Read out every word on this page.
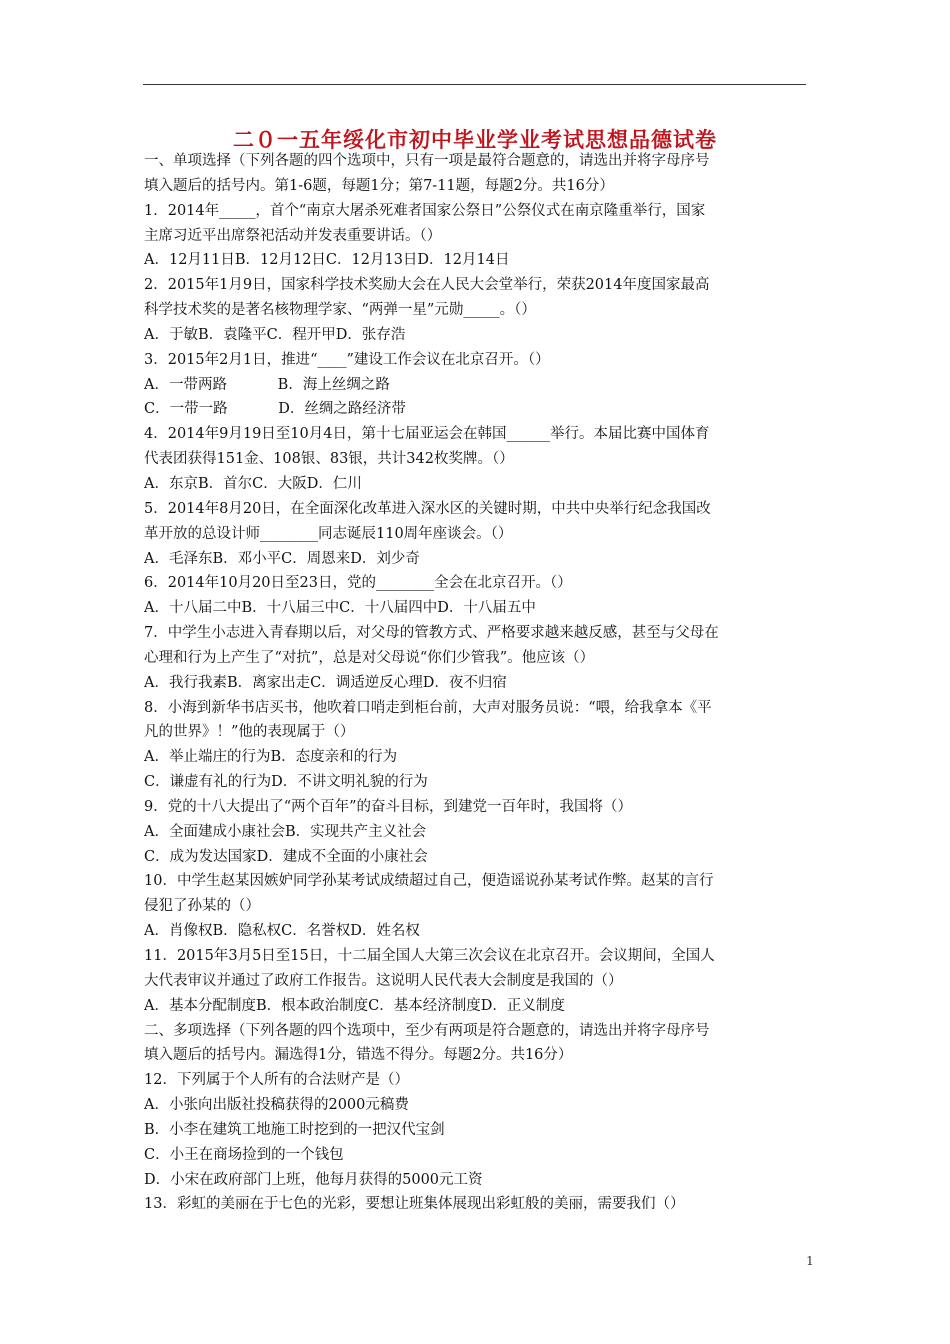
二０一五年绥化市初中毕业学业考试思想品德试卷
一、单项选择（下列各题的四个选项中，只有一项是最符合题意的，请选出并将字母序号
填入题后的括号内。第1-6题，每题1分；第7-11题，每题2分。共16分）
1．2014年_____，首个“南京大屠杀死难者国家公祭日”公祭仪式在南京隆重举行，国家
主席习近平出席祭祀活动并发表重要讲话。（）
A．12月11日B．12月12日C．12月13日D．12月14日
2．2015年1月9日，国家科学技术奖励大会在人民大会堂举行，荣获2014年度国家最高
科学技术奖的是著名核物理学家、“两弹一星”元勋_____。（）
A．于敏B．袁隆平C．程开甲D．张存浩
3．2015年2月1日，推进“____”建设工作会议在北京召开。（）
A．一带两路           B．海上丝绸之路
C．一带一路           D．丝绸之路经济带
4．2014年9月19日至10月4日，第十七届亚运会在韩国______举行。本届比赛中国体育
代表团获得151金、108银、83银，共计342枚奖牌。（）
A．东京B．首尔C．大阪D．仁川
5．2014年8月20日，在全面深化改革进入深水区的关键时期，中共中央举行纪念我国改
革开放的总设计师________同志诞辰110周年座谈会。（）
A．毛泽东B．邓小平C．周恩来D．刘少奇
6．2014年10月20日至23日，党的________全会在北京召开。（）
A．十八届二中B．十八届三中C．十八届四中D．十八届五中
7．中学生小志进入青春期以后，对父母的管教方式、严格要求越来越反感，甚至与父母在
心理和行为上产生了“对抗”，总是对父母说“你们少管我”。他应该（）
A．我行我素B．离家出走C．调适逆反心理D．夜不归宿
8．小海到新华书店买书，他吹着口哨走到柜台前，大声对服务员说：“喂，给我拿本《平
凡的世界》！”他的表现属于（）
A．举止端庄的行为B．态度亲和的行为
C．谦虚有礼的行为D．不讲文明礼貌的行为
9．党的十八大提出了“两个百年”的奋斗目标，到建党一百年时，我国将（）
A．全面建成小康社会B．实现共产主义社会
C．成为发达国家D．建成不全面的小康社会
10．中学生赵某因嫉妒同学孙某考试成绩超过自己，便造谣说孙某考试作弊。赵某的言行
侵犯了孙某的（）
A．肖像权B．隐私权C．名誉权D．姓名权
11．2015年3月5日至15日，十二届全国人大第三次会议在北京召开。会议期间，全国人
大代表审议并通过了政府工作报告。这说明人民代表大会制度是我国的（）
A．基本分配制度B．根本政治制度C．基本经济制度D．正义制度
二、多项选择（下列各题的四个选项中，至少有两项是符合题意的，请选出并将字母序号
填入题后的括号内。漏选得1分，错选不得分。每题2分。共16分）
12．下列属于个人所有的合法财产是（）
A．小张向出版社投稿获得的2000元稿费
B．小李在建筑工地施工时挖到的一把汉代宝剑
C．小王在商场捡到的一个钱包
D．小宋在政府部门上班，他每月获得的5000元工资
13．彩虹的美丽在于七色的光彩，要想让班集体展现出彩虹般的美丽，需要我们（）
1
